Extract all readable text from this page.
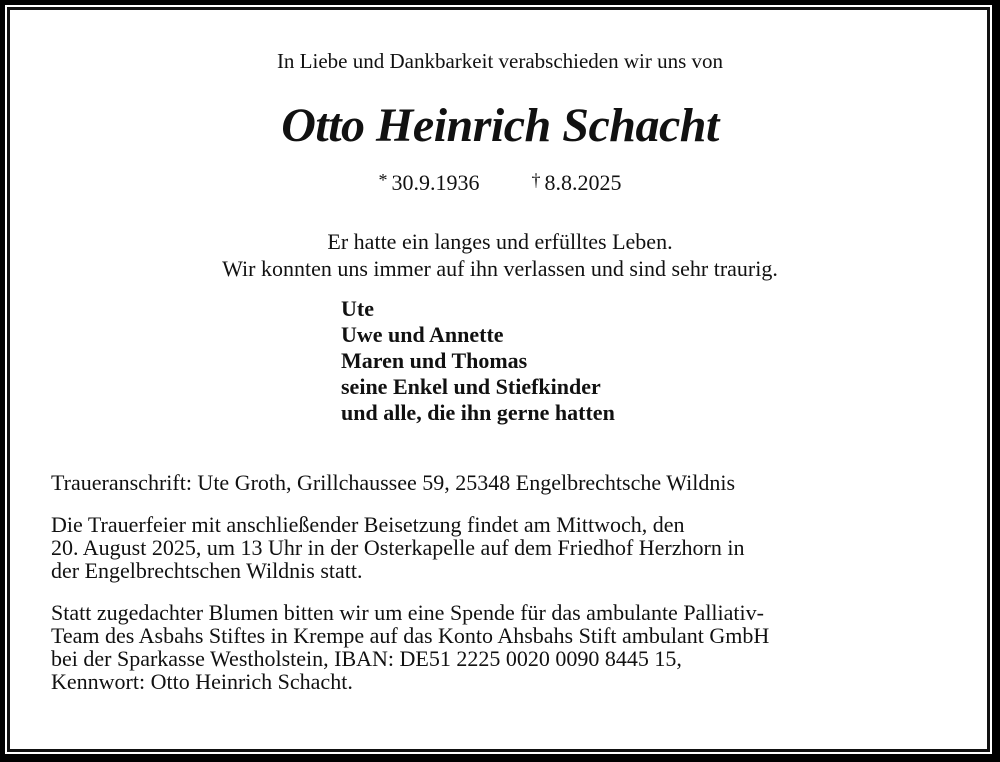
In Liebe und Dankbarkeit verabschieden wir uns von
Otto Heinrich Schacht
* 30.9.1936	† 8.8.2025
Er hatte ein langes und erfülltes Leben.
Wir konnten uns immer auf ihn verlassen und sind sehr traurig.
Ute
Uwe und Annette
Maren und Thomas
seine Enkel und Stiefkinder
und alle, die ihn gerne hatten
Traueranschrift: Ute Groth, Grillchaussee 59, 25348 Engelbrechtsche Wildnis
Die Trauerfeier mit anschließender Beisetzung findet am Mittwoch, den
20. August 2025, um 13 Uhr in der Osterkapelle auf dem Friedhof Herzhorn in
der Engelbrechtschen Wildnis statt.
Statt zugedachter Blumen bitten wir um eine Spende für das ambulante Palliativ-
Team des Asbahs Stiftes in Krempe auf das Konto Ahsbahs Stift ambulant GmbH
bei der Sparkasse Westholstein, IBAN: DE51 2225 0020 0090 8445 15,
Kennwort: Otto Heinrich Schacht.
